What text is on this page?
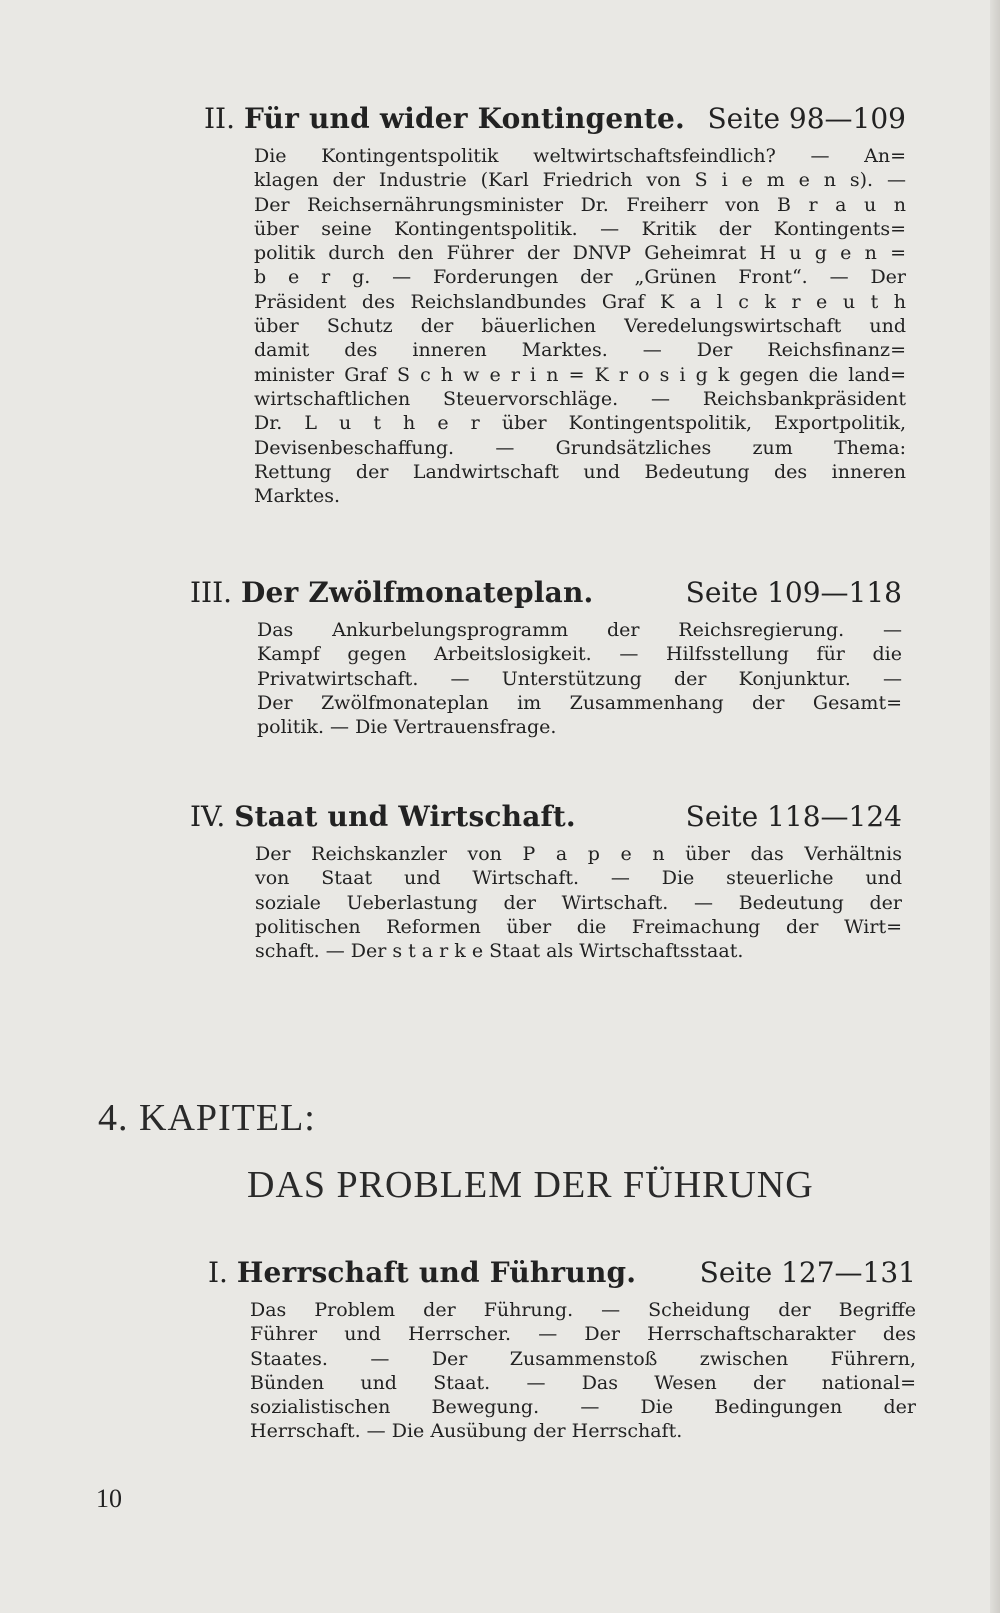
II. Für und wider Kontingente. Seite 98—109
Die Kontingentspolitik weltwirtschaftsfeindlich? — An=
klagen der Industrie (Karl Friedrich von S i e m e n s). —
Der Reichsernährungsminister Dr. Freiherr von B r a u n
über seine Kontingentspolitik. — Kritik der Kontingents=
politik durch den Führer der DNVP Geheimrat H u g e n =
b e r g. — Forderungen der „Grünen Front“. — Der
Präsident des Reichslandbundes Graf K a l c k r e u t h
über Schutz der bäuerlichen Veredelungswirtschaft und
damit des inneren Marktes. — Der Reichsfinanz=
minister Graf S c h w e r i n = K r o s i g k gegen die land=
wirtschaftlichen Steuervorschläge. — Reichsbankpräsident
Dr. L u t h e r über Kontingentspolitik, Exportpolitik,
Devisenbeschaffung. — Grundsätzliches zum Thema:
Rettung der Landwirtschaft und Bedeutung des inneren
Marktes.
III. Der Zwölfmonateplan.	Seite 109—118
Das Ankurbelungsprogramm der Reichsregierung. —
Kampf gegen Arbeitslosigkeit. — Hilfsstellung für die
Privatwirtschaft. — Unterstützung der Konjunktur. —
Der Zwölfmonateplan im Zusammenhang der Gesamt=
politik. — Die Vertrauensfrage.
IV. Staat und Wirtschaft.	Seite 118—124
Der Reichskanzler von P a p e n über das Verhältnis
von Staat und Wirtschaft. — Die steuerliche und
soziale Ueberlastung der Wirtschaft. — Bedeutung der
politischen Reformen über die Freimachung der Wirt=
schaft. — Der s t a r k e Staat als Wirtschaftsstaat.
4. KAPITEL:
DAS PROBLEM DER FÜHRUNG
I. Herrschaft und Führung. Seite 127—131
Das Problem der Führung. — Scheidung der Begriffe
Führer und Herrscher. — Der Herrschaftscharakter des
Staates. — Der Zusammenstoß zwischen Führern,
Bünden und Staat. — Das Wesen der national=
sozialistischen Bewegung. — Die Bedingungen der
Herrschaft. — Die Ausübung der Herrschaft.
10
